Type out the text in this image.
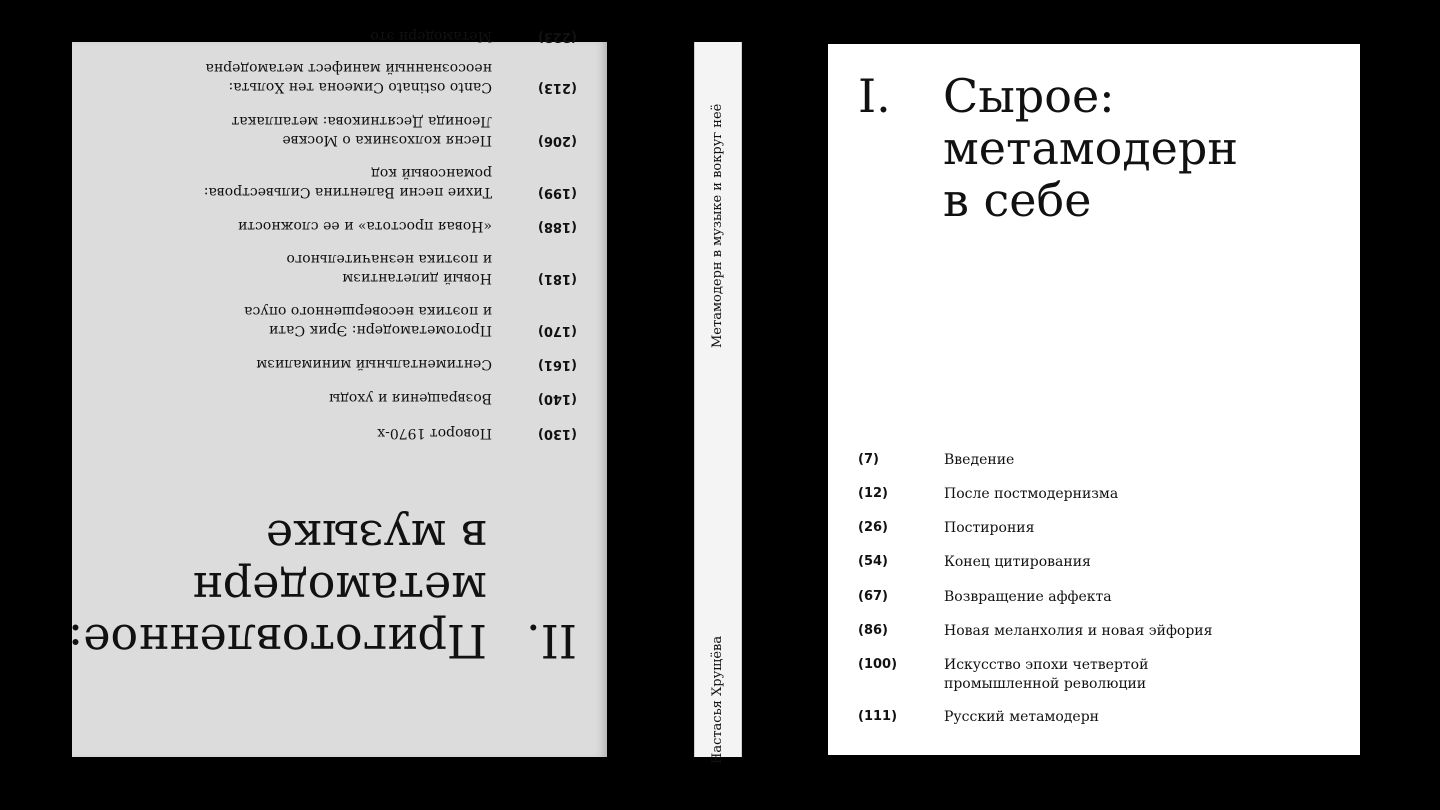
II.
Приготовленное:
метамодерн
в музыке
(130)
Поворот 1970-х
(140)
Возвращения и уходы
(161)
Сентиментальный минимализм
(170)
Протометамодерн: Эрик Сати
и поэтика несовершенного опуса
(181)
Новый дилетантизм
и поэтика незначительного
(188)
«Новая простота» и ее сложности
(199)
Тихие песни Валентина Сильвестрова:
романсовый код
(206)
Песня колхозника о Москве
Леонида Десятникова: метаплакат
(213)
Canto ostinato Симеона тен Хольта:
неосознанный манифест метамодерна
(223)
Метамодерн это
Метамодерн в музыке и вокруг неё
Настасья Хрущёва
I. Сырое:
метамодерн
в себе
(7)	Введение
(12)	После постмодернизма
(26)	Постирония
(54)	Конец цитирования
(67)	Возвращение аффекта
(86)	Новая меланхолия и новая эйфория
(100)	Искусство эпохи четвертой
промышленной революции
(111)	Русский метамодерн
